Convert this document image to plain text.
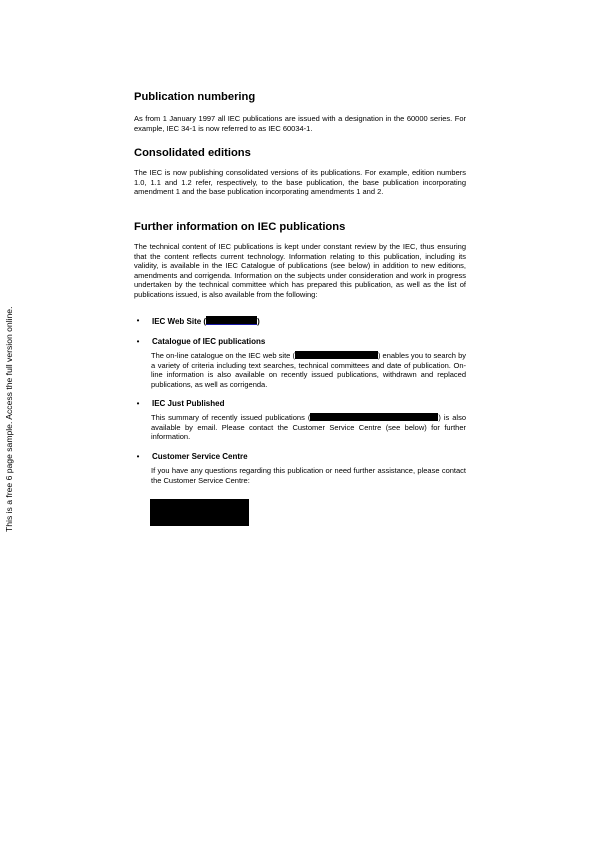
This is a free 6 page sample. Access the full version online.
Publication numbering

As from 1 January 1997 all IEC publications are issued with a designation in the 60000 series. For example, IEC 34-1 is now referred to as IEC 60034-1.

Consolidated editions

The IEC is now publishing consolidated versions of its publications. For example, edition numbers 1.0, 1.1 and 1.2 refer, respectively, to the base publication, the base publication incorporating amendment 1 and the base publication incorporating amendments 1 and 2.

Further information on IEC publications

The technical content of IEC publications is kept under constant review by the IEC, thus ensuring that the content reflects current technology. Information relating to this publication, including its validity, is available in the IEC Catalogue of publications (see below) in addition to new editions, amendments and corrigenda. Information on the subjects under consideration and work in progress undertaken by the technical committee which has prepared this publication, as well as the list of publications issued, is also available from the following:

•	IEC Web Site (	)
•	Catalogue of IEC publications

The on-line catalogue on the IEC web site (	) enables you to search by a variety of criteria including text searches, technical committees and date of publication. On-line information is also available on recently issued publications, withdrawn and replaced publications, as well as corrigenda.

•	IEC Just Published

This summary of recently issued publications (	) is also available by email. Please contact the Customer Service Centre (see below) for further information.

•	Customer Service Centre

If you have any questions regarding this publication or need further assistance, please contact the Customer Service Centre:
